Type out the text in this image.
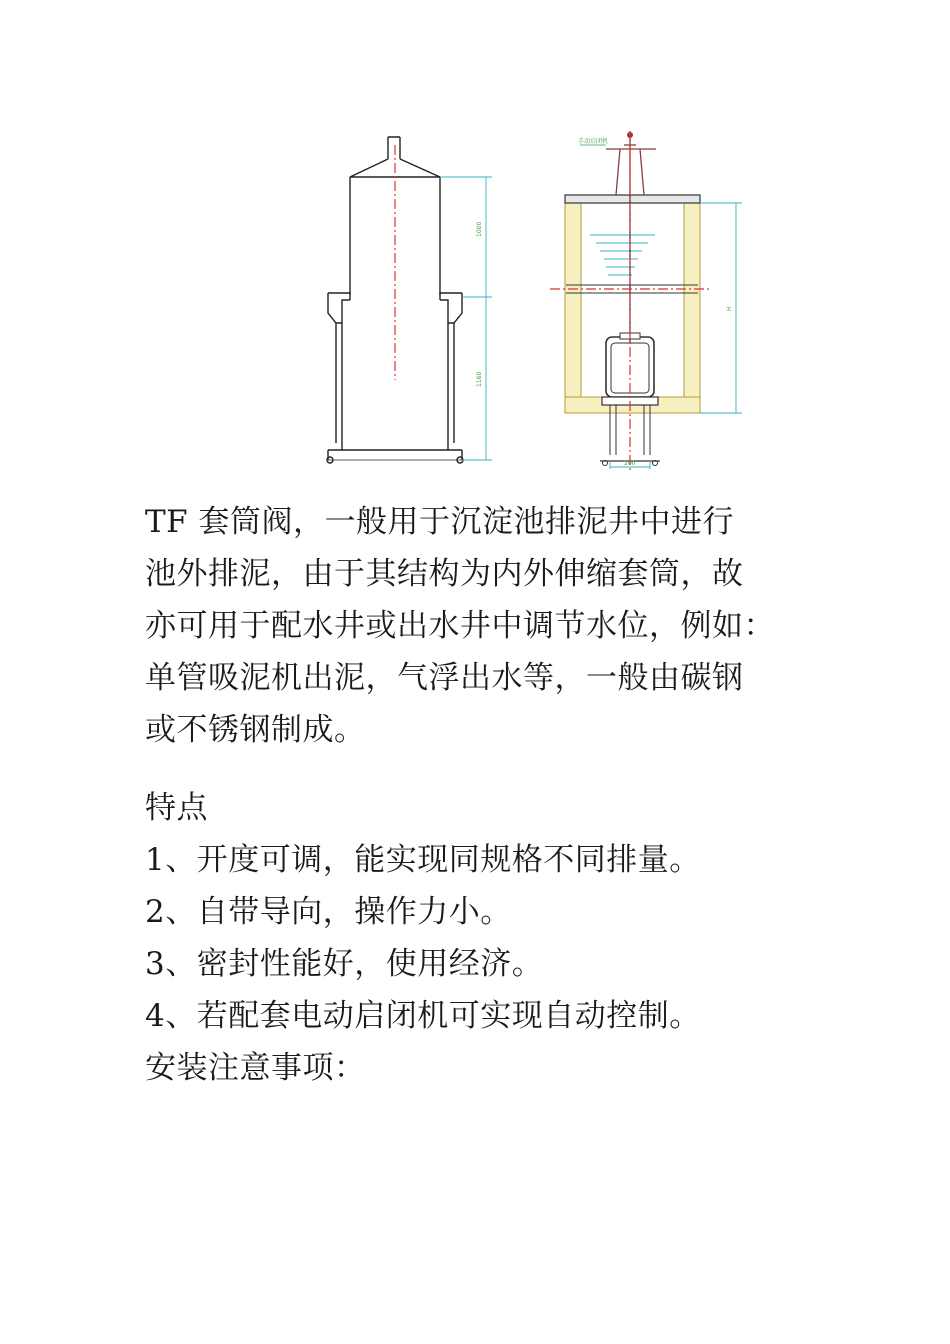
1000
1160
手动启闭机
H
200

TF 套筒阀，一般用于沉淀池排泥井中进行
池外排泥，由于其结构为内外伸缩套筒，故
亦可用于配水井或出水井中调节水位，例如：
单管吸泥机出泥，气浮出水等，一般由碳钢
或不锈钢制成。

特点

1、开度可调，能实现同规格不同排量。

2、自带导向，操作力小。

3、密封性能好，使用经济。

4、若配套电动启闭机可实现自动控制。

安装注意事项：
